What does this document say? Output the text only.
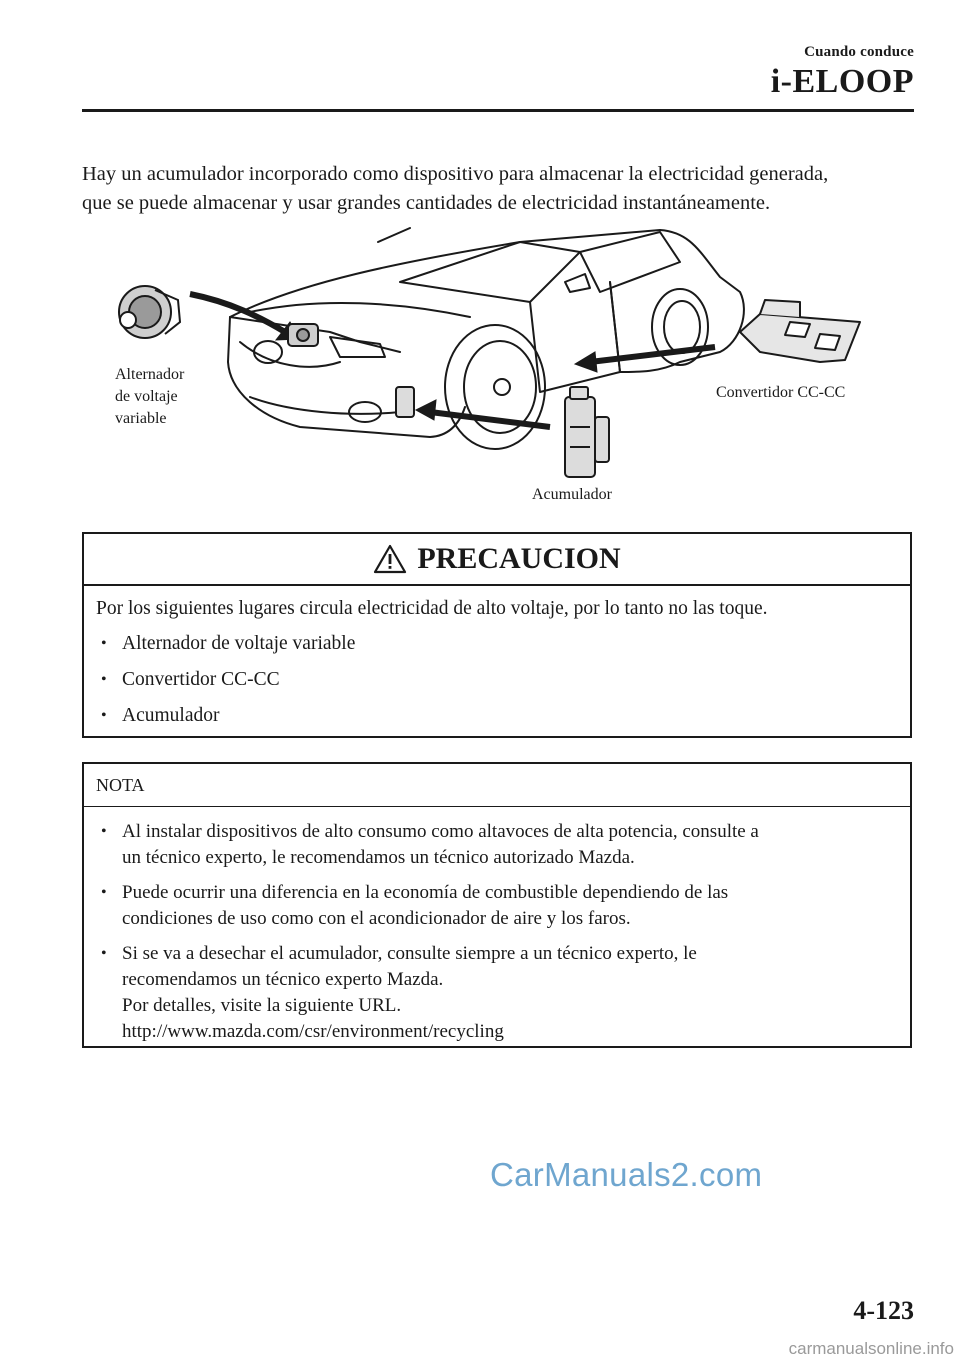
Cuando conduce
i-ELOOP
Hay un acumulador incorporado como dispositivo para almacenar la electricidad generada,
que se puede almacenar y usar grandes cantidades de electricidad instantáneamente.
Alternador
de voltaje
variable
Convertidor CC-CC
Acumulador
PRECAUCION

Por los siguientes lugares circula electricidad de alto voltaje, por lo tanto no las toque.

• Alternador de voltaje variable
• Convertidor CC-CC
• Acumulador
NOTA
• Al instalar dispositivos de alto consumo como altavoces de alta potencia, consulte a
un técnico experto, le recomendamos un técnico autorizado Mazda.
• Puede ocurrir una diferencia en la economía de combustible dependiendo de las
condiciones de uso como con el acondicionador de aire y los faros.
• Si se va a desechar el acumulador, consulte siempre a un técnico experto, le
recomendamos un técnico experto Mazda.
Por detalles, visite la siguiente URL.
http://www.mazda.com/csr/environment/recycling
CarManuals2.com
4-123
carmanualsonline.info
